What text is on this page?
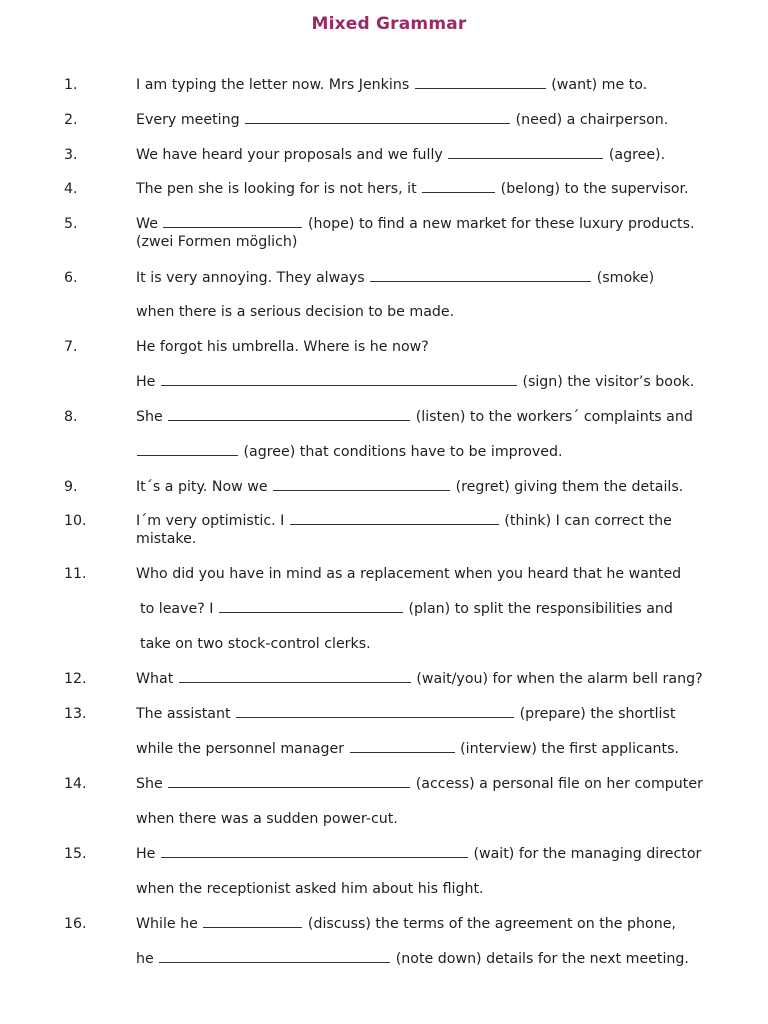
Mixed Grammar
1.	I am typing the letter now. Mrs Jenkins	(want) me to.
2.	Every meeting	(need) a chairperson.
3.	We have heard your proposals and we fully	(agree).
4.	The pen she is looking for is not hers, it	(belong) to the supervisor.
5.	We	(hope) to find a new market for these luxury products.
(zwei Formen möglich)
6.	It is very annoying. They always	(smoke)
when there is a serious decision to be made.
7.	He forgot his umbrella. Where is he now?
He	(sign) the visitor’s book.
8.	She	(listen) to the workers´ complaints and
(agree) that conditions have to be improved.
9.	It´s a pity. Now we	(regret) giving them the details.
10.	I´m very optimistic. I	(think) I can correct the
mistake.
11.	Who did you have in mind as a replacement when you heard that he wanted
to leave? I	(plan) to split the responsibilities and
take on two stock-control clerks.
12.	What	(wait/you) for when the alarm bell rang?
13.	The assistant	(prepare) the shortlist
while the personnel manager	(interview) the first applicants.
14.	She	(access) a personal file on her computer
when there was a sudden power-cut.
15.	He	(wait) for the managing director
when the receptionist asked him about his flight.
16.	While he	(discuss) the terms of the agreement on the phone,
he	(note down) details for the next meeting.
